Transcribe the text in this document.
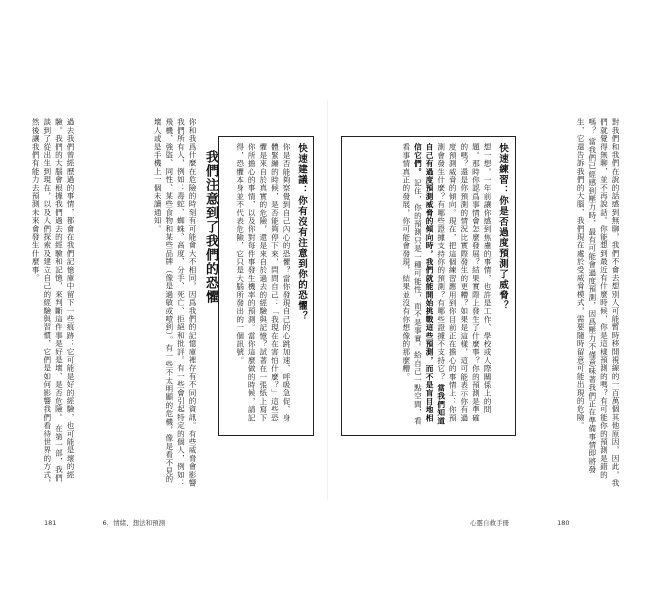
過去我們曾經歷過的事情，都會在我們記憶庫中留下一些痕跡：它可能是好的經驗，也可能是壞的經驗。我們的大腦會根據我們過去的經驗和記憶，來判斷這件事是好是壞、是否危險。 在第一部，我們談到了從出生到現在，以及人們探索及建立自己的經驗與習慣，它們是如何影響我們看待世界的方式，然後讓我們有能力去預測未來會發生什麼事。	你和我爲什麼在危險的時刻有可能會大不相同，因爲我們的記憶庫裡存有不同的資訊。有些威脅會影響我們所有人，例如：毒蛇、蜘蛛、高度、分手、死亡、拒絕和批評。有一些會引起特定的個人，例如：飛機、強盜、同性、某些食物和某些品牌（像是過敏或噎到）。有一些不太明顯的危機，像是看不見的壞人或是手機上一個未讀通知。	我們注意到了我們的恐懼	快速建議：你有沒有注意到你的恐懼？
你是否能夠察覺到自己內心的恐懼？當你發現自己的心跳加速、呼吸急促、身體緊繃的時候，是否能夠停下來，問問自己：「我現在在害怕什麼？」這些恐懼是來自於真實的危險，還是來自於過去的經驗與記憶？試著在一張紙上寫下你所擔心的事情，以及你對每件事發生機率的預測。當你這麼做的時候，請記得，恐懼本身並不代表危險，它只是大腦所發出的一個訊號。	對我們和我們在說的話感到無聊，我們不會去想別人可能暫時移開視線的一百萬個其他原因，因此，我們就覺得無聊，並不再說話。你能想到最近有什麼時候，你是這樣預測的嗎？有可能你的預測是錯的嗎？ 當我們已經感到壓力時，最有可能會過度預測，因爲壓力不僅意味著我們正在準備事情即將發生，它還告訴我們的大腦，我們現在處於受威脅模式，需要隨時留意可能出現的危險。
快速練習：你是否過度預測了威脅？
想一想，一年前讓你感到焦慮的事情，也許是工作、學校或人際關係上的問題。那時你認爲事情會怎麼發展？結果實際上發生了什麼事？你的預測是準確的嗎？還是你預測的情況比實際發生的更糟？如果是這樣，這可能表示你有過度預測威脅的傾向。現在，把這個練習應用到你目前正在擔心的事情上：你預測會發生什麼？有哪些證據支持你的預測？有哪些證據不支持它？ 當我們知道自己有過度預測威脅的傾向時，我們就能開始挑戰這些預測，而不是盲目地相信它們。 記住，你的預測只是一種可能性，而不是事實。給自己一點空間，看看事情真正的發展，你可能會發現，結果並沒有你想像的那麼糟。
181	6．情緒、想法和預測	心靈自救手冊	180
